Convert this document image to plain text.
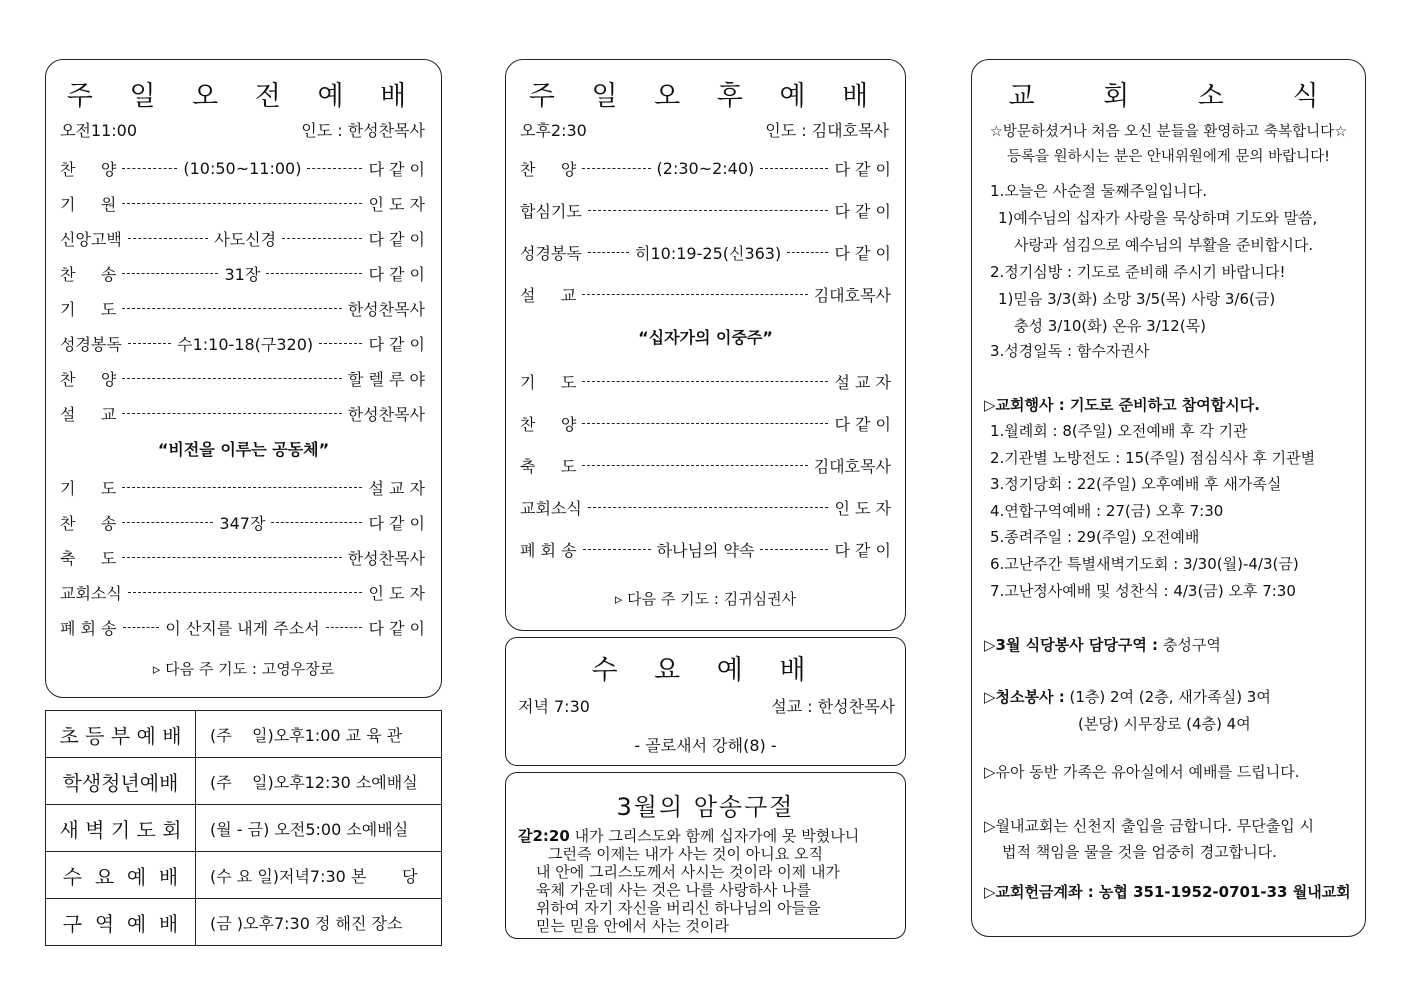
주 일 오 전 예 배
오전11:00	인도 : 한성찬목사
찬     양	(10:50~11:00)	다 같 이
기     원	인 도 자
신앙고백	사도신경	다 같 이
찬     송	31장	다 같 이
기     도	한성찬목사
성경봉독	수1:10-18(구320)	다 같 이
찬     양	할 렐 루 야
설     교	한성찬목사
“비전을 이루는 공동체”
기     도	설 교 자
찬     송	347장	다 같 이
축     도	한성찬목사
교회소식	인 도 자
폐 회 송	이 산지를 내게 주소서	다 같 이
▹ 다음 주 기도 : 고영우장로
초 등 부 예 배	(주    일)오후1:00 교 육 관
학생청년예배	(주    일)오후12:30 소예배실
새 벽 기 도 회	(월 - 금) 오전5:00 소예배실
수  요  예  배	(수 요 일)저녁7:30 본       당
구  역  예  배	(금 )오후7:30 정 해진 장소
주 일 오 후 예 배
오후2:30	인도 : 김대호목사
찬     양	(2:30~2:40)	다 같 이
합심기도	다 같 이
성경봉독	히10:19-25(신363)	다 같 이
설     교	김대호목사
“십자가의 이중주”
기     도	설 교 자
찬     양	다 같 이
축     도	김대호목사
교회소식	인 도 자
폐 회 송	하나님의 약속	다 같 이
▹ 다음 주 기도 : 김귀심권사
수 요 예 배
저녁 7:30	설교 : 한성찬목사
- 골로새서 강해(8) -
3월의 암송구절
갈2:20 내가 그리스도와 함께 십자가에 못 박혔나니
그런즉 이제는 내가 사는 것이 아니요 오직
내 안에 그리스도께서 사시는 것이라 이제 내가
육체 가운데 사는 것은 나를 사랑하사 나를
위하여 자기 자신을 버리신 하나님의 아들을
믿는 믿음 안에서 사는 것이라
교 회 소 식
☆방문하셨거나 처음 오신 분들을 환영하고 축복합니다☆
등록을 원하시는 분은 안내위원에게 문의 바랍니다!
1.오늘은 사순절 둘째주일입니다.
1)예수님의 십자가 사랑을 묵상하며 기도와 말씀,
사랑과 섬김으로 예수님의 부활을 준비합시다.
2.정기심방 : 기도로 준비해 주시기 바랍니다!
1)믿음 3/3(화) 소망 3/5(목) 사랑 3/6(금)
충성 3/10(화) 온유 3/12(목)
3.성경일독 : 함수자권사
▷교회행사 : 기도로 준비하고 참여합시다.
1.월례회 : 8(주일) 오전예배 후 각 기관
2.기관별 노방전도 : 15(주일) 점심식사 후 기관별
3.정기당회 : 22(주일) 오후예배 후 새가족실
4.연합구역예배 : 27(금) 오후 7:30
5.종려주일 : 29(주일) 오전예배
6.고난주간 특별새벽기도회 : 3/30(월)-4/3(금)
7.고난정사예배 및 성찬식 : 4/3(금) 오후 7:30
▷3월 식당봉사 담당구역 : 충성구역
▷청소봉사 : (1층) 2여 (2층, 새가족실) 3여
(본당) 시무장로 (4층) 4여
▷유아 동반 가족은 유아실에서 예배를 드립니다.
▷월내교회는 신천지 출입을 금합니다. 무단출입 시
법적 책임을 물을 것을 엄중히 경고합니다.
▷교회헌금계좌 : 농협 351-1952-0701-33 월내교회
